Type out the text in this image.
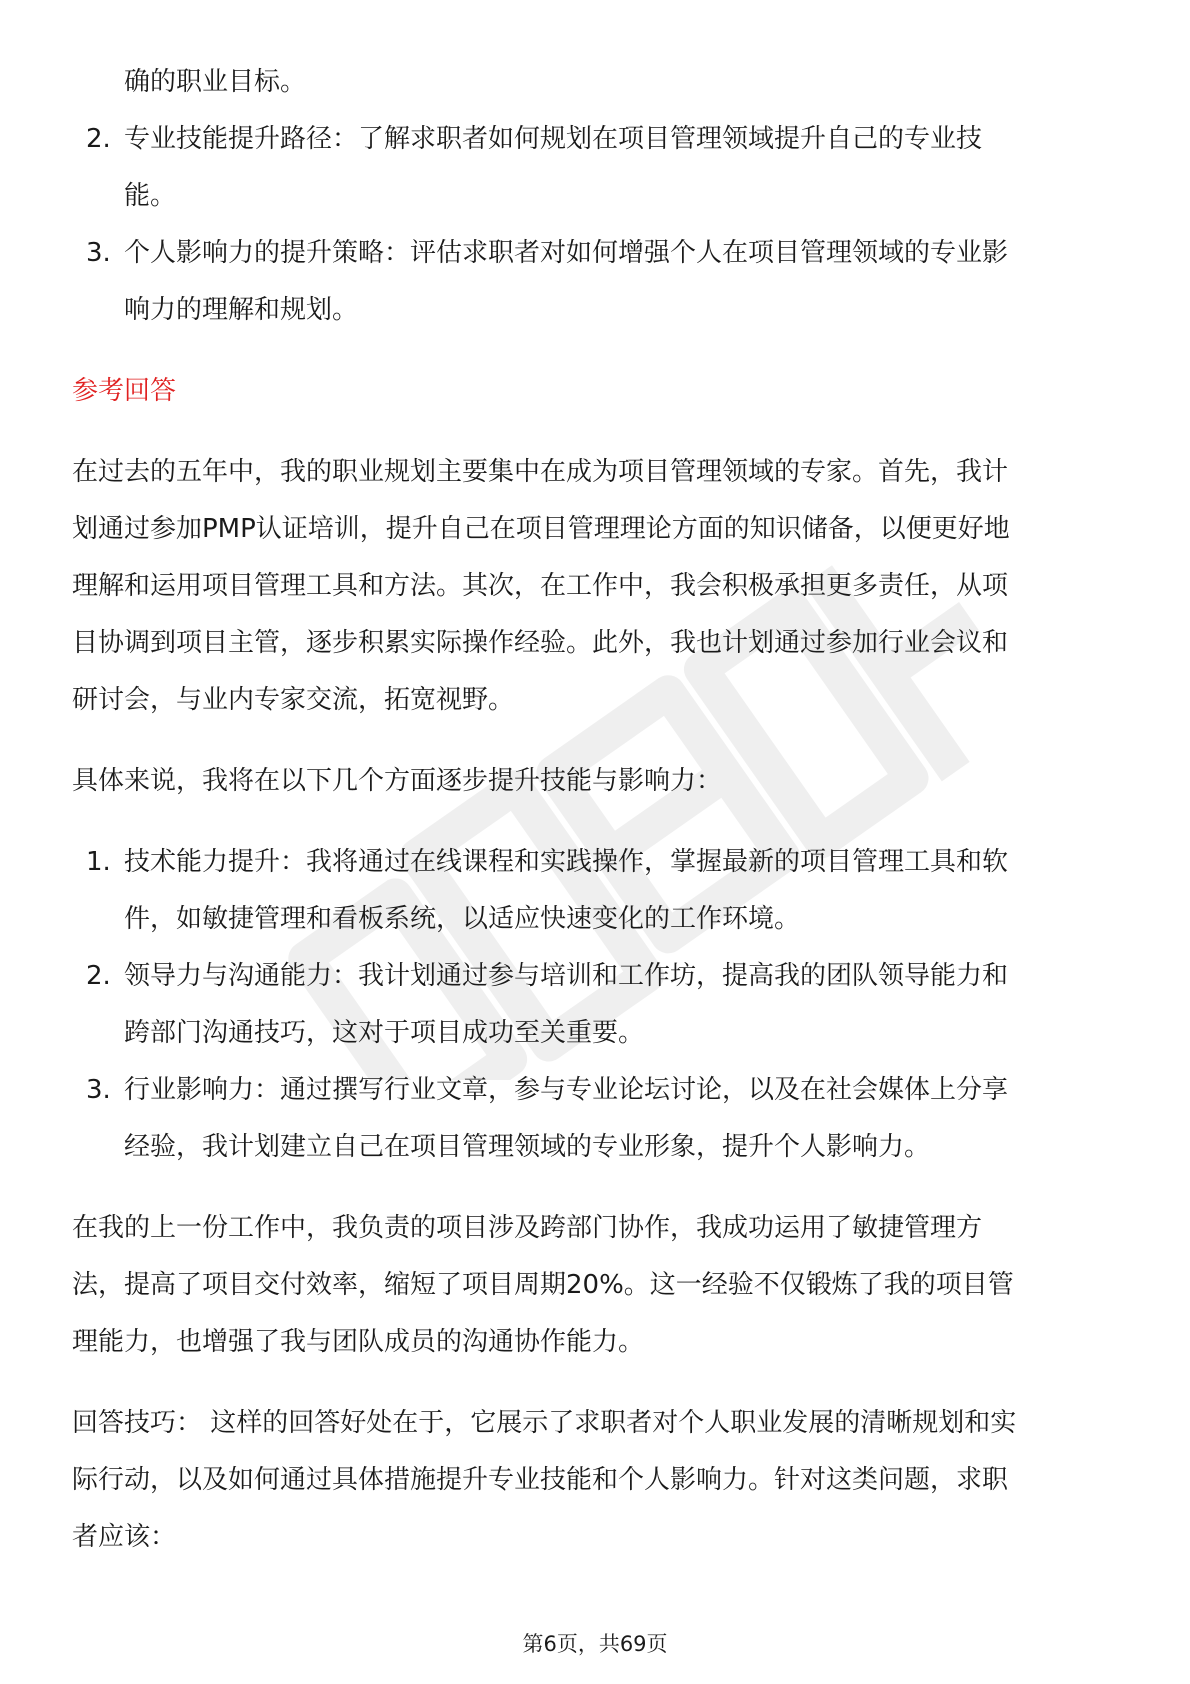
确的职业目标。
2. 专业技能提升路径：了解求职者如何规划在项目管理领域提升自己的专业技
能。
3. 个人影响力的提升策略：评估求职者对如何增强个人在项目管理领域的专业影
响力的理解和规划。
参考回答
在过去的五年中，我的职业规划主要集中在成为项目管理领域的专家。首先，我计
划通过参加PMP认证培训，提升自己在项目管理理论方面的知识储备，以便更好地
理解和运用项目管理工具和方法。其次，在工作中，我会积极承担更多责任，从项
目协调到项目主管，逐步积累实际操作经验。此外，我也计划通过参加行业会议和
研讨会，与业内专家交流，拓宽视野。
具体来说，我将在以下几个方面逐步提升技能与影响力：
1. 技术能力提升：我将通过在线课程和实践操作，掌握最新的项目管理工具和软
件，如敏捷管理和看板系统，以适应快速变化的工作环境。
2. 领导力与沟通能力：我计划通过参与培训和工作坊，提高我的团队领导能力和
跨部门沟通技巧，这对于项目成功至关重要。
3. 行业影响力：通过撰写行业文章，参与专业论坛讨论，以及在社会媒体上分享
经验，我计划建立自己在项目管理领域的专业形象，提升个人影响力。
在我的上一份工作中，我负责的项目涉及跨部门协作，我成功运用了敏捷管理方
法，提高了项目交付效率，缩短了项目周期20%。这一经验不仅锻炼了我的项目管
理能力，也增强了我与团队成员的沟通协作能力。
回答技巧： 这样的回答好处在于，它展示了求职者对个人职业发展的清晰规划和实
际行动，以及如何通过具体措施提升专业技能和个人影响力。针对这类问题，求职
者应该：
第6页，共69页
